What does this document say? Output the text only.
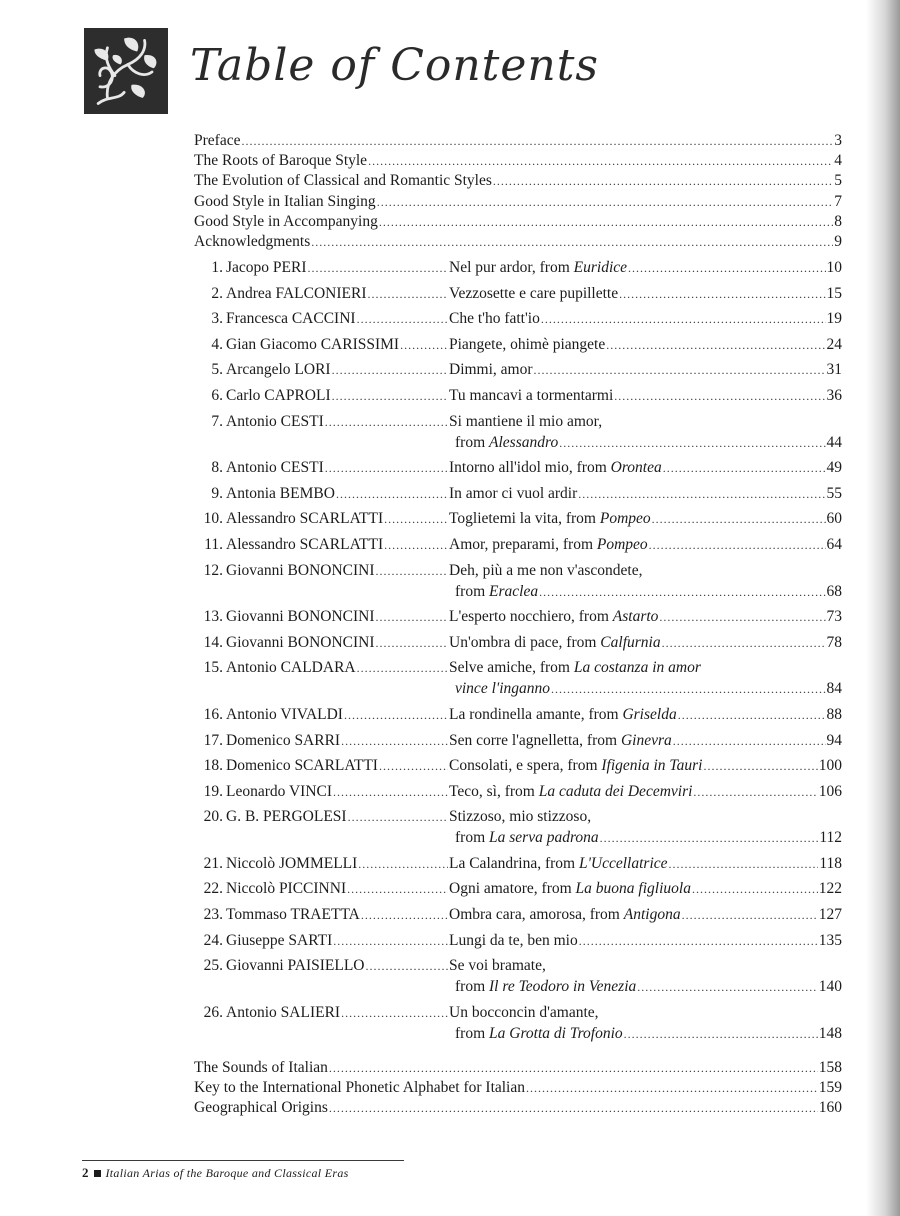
Table of Contents
Preface .....	3
The Roots of Baroque Style .....	4
The Evolution of Classical and Romantic Styles .....	5
Good Style in Italian Singing .....	7
Good Style in Accompanying .....	8
Acknowledgments .....	9
1. Jacopo PERI .....	Nel pur ardor, from Euridice .....	10
2. Andrea FALCONIERI .....	Vezzosette e care pupillette .....	15
3. Francesca CACCINI .....	Che t'ho fatt'io .....	19
4. Gian Giacomo CARISSIMI .....	Piangete, ohimè piangete .....	24
5. Arcangelo LORI .....	Dimmi, amor .....	31
6. Carlo CAPROLI .....	Tu mancavi a tormentarmi .....	36
7. Antonio CESTI .....	Si mantiene il mio amor,
from Alessandro .....	44
8. Antonio CESTI .....	Intorno all'idol mio, from Orontea .....	49
9. Antonia BEMBO .....	In amor ci vuol ardir .....	55
10. Alessandro SCARLATTI .....	Toglietemi la vita, from Pompeo .....	60
11. Alessandro SCARLATTI .....	Amor, preparami, from Pompeo .....	64
12. Giovanni BONONCINI .....	Deh, più a me non v'ascondete,
from Eraclea .....	68
13. Giovanni BONONCINI .....	L'esperto nocchiero, from Astarto .....	73
14. Giovanni BONONCINI .....	Un'ombra di pace, from Calfurnia .....	78
15. Antonio CALDARA .....	Selve amiche, from La costanza in amor
vince l'inganno .....	84
16. Antonio VIVALDI .....	La rondinella amante, from Griselda .....	88
17. Domenico SARRI .....	Sen corre l'agnelletta, from Ginevra .....	94
18. Domenico SCARLATTI .....	Consolati, e spera, from Ifigenia in Tauri .....	100
19. Leonardo VINCI .....	Teco, sì, from La caduta dei Decemviri .....	106
20. G. B. PERGOLESI .....	Stizzoso, mio stizzoso,
from La serva padrona .....	112
21. Niccolò JOMMELLI .....	La Calandrina, from L'Uccellatrice .....	118
22. Niccolò PICCINNI .....	Ogni amatore, from La buona figliuola .....	122
23. Tommaso TRAETTA .....	Ombra cara, amorosa, from Antigona .....	127
24. Giuseppe SARTI .....	Lungi da te, ben mio .....	135
25. Giovanni PAISIELLO .....	Se voi bramate,
from Il re Teodoro in Venezia .....	140
26. Antonio SALIERI .....	Un bocconcin d'amante,
from La Grotta di Trofonio .....	148
The Sounds of Italian .....	158
Key to the International Phonetic Alphabet for Italian .....	159
Geographical Origins .....	160
2 Italian Arias of the Baroque and Classical Eras
